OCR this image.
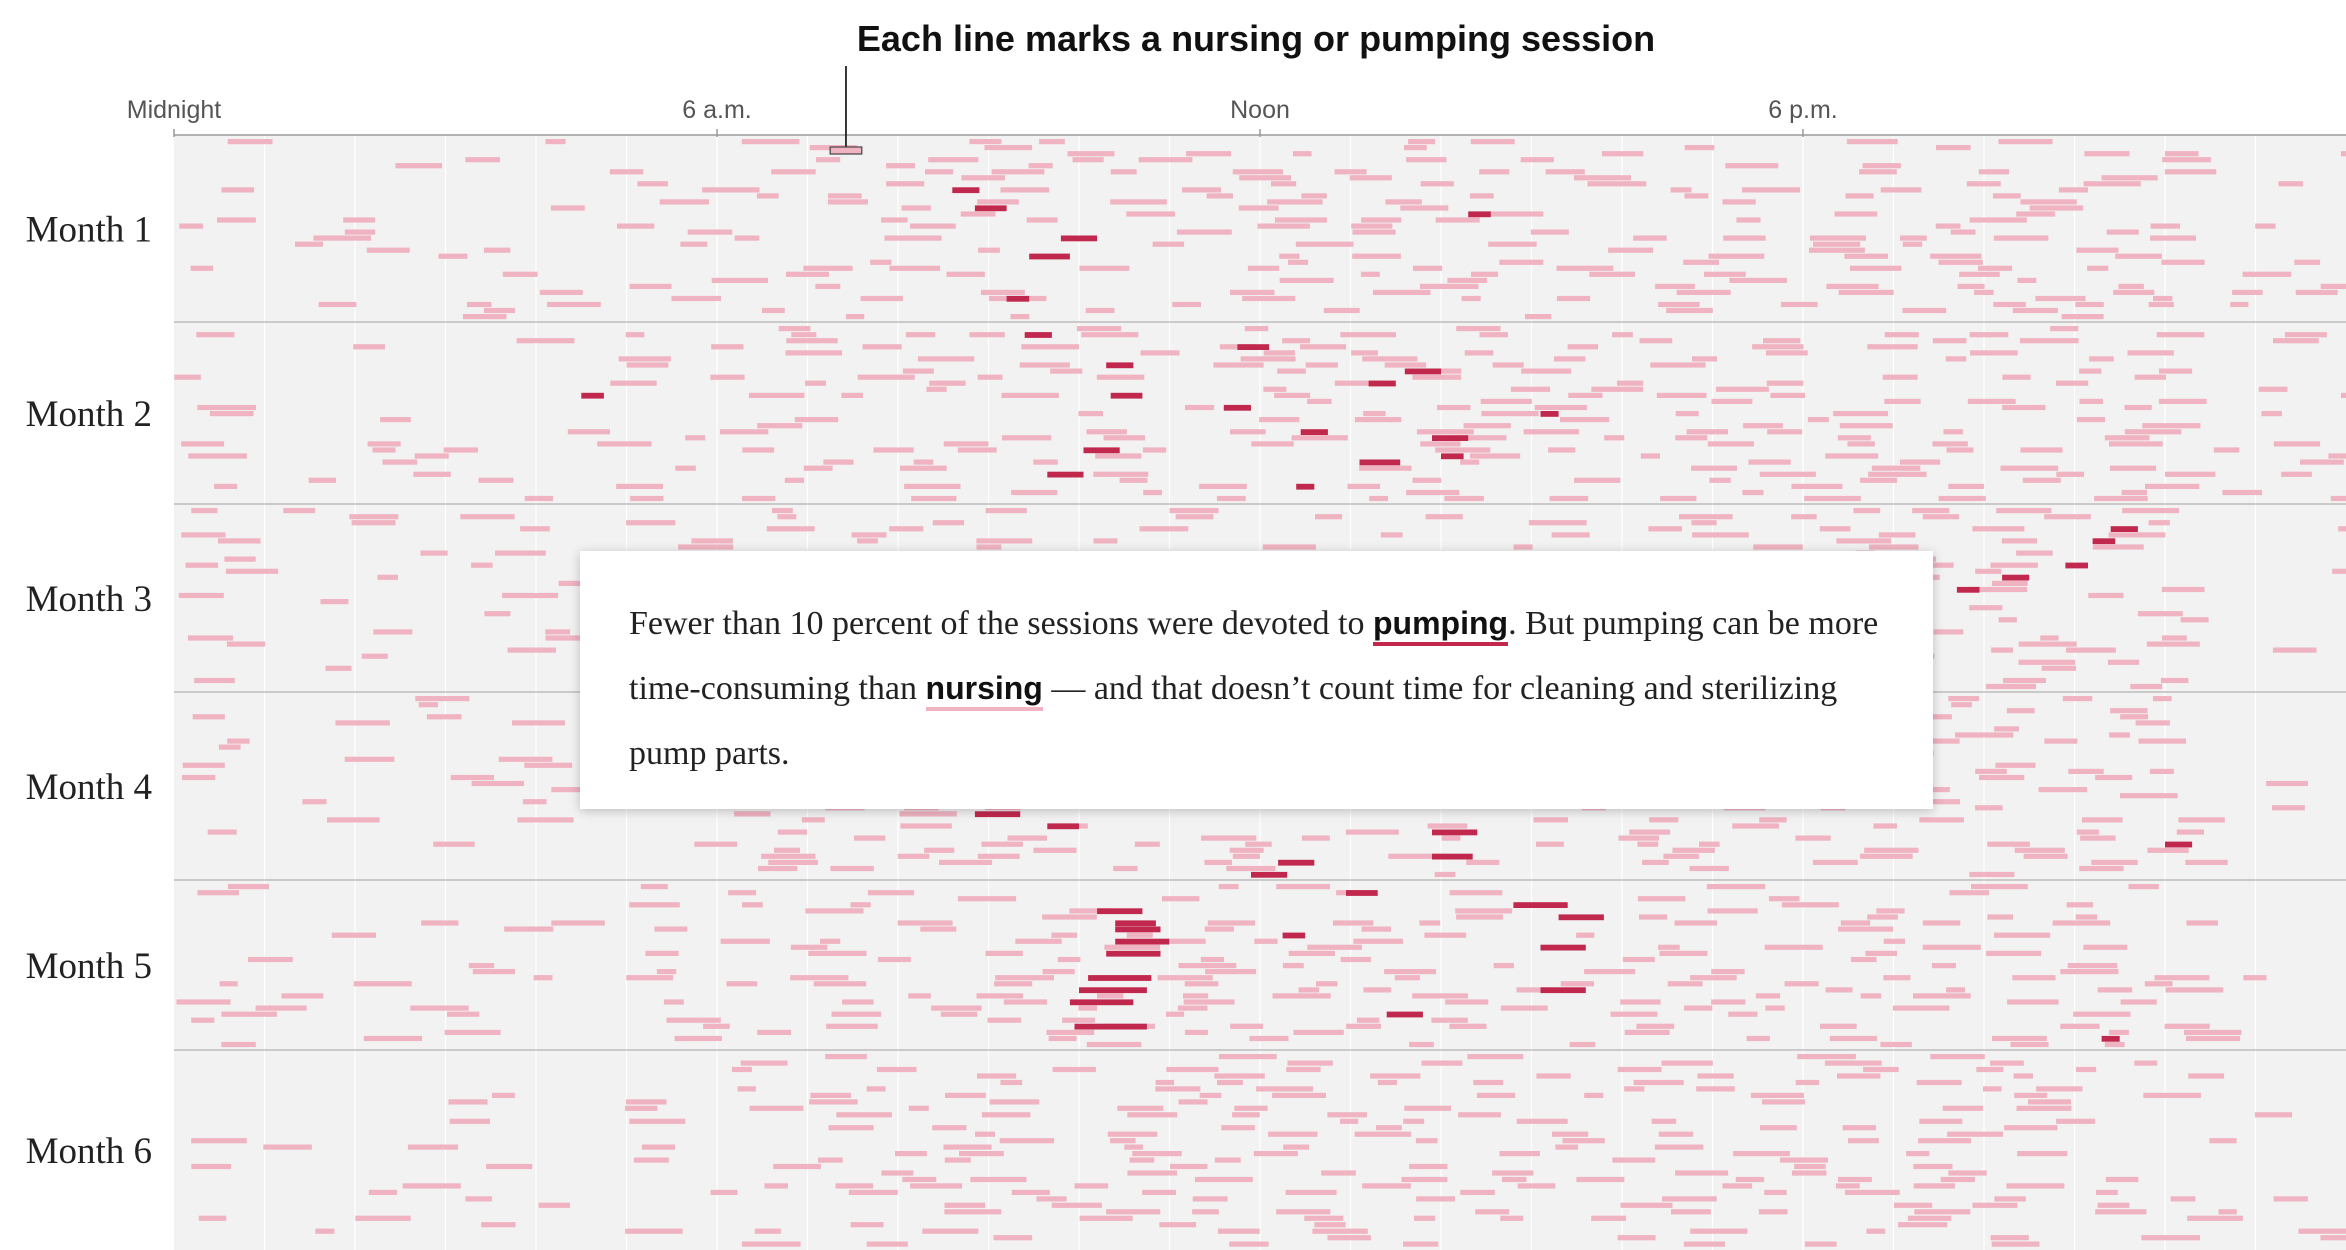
Each line marks a nursing or pumping session
Midnight	6 a.m.	Noon	6 p.m.
Month 1
Month 2
Month 3
Month 4
Month 5
Month 6
Fewer than 10 percent of the sessions were devoted to pumping. But pumping can be more time-consuming than nursing — and that doesn’t count time for cleaning and sterilizing pump parts.
